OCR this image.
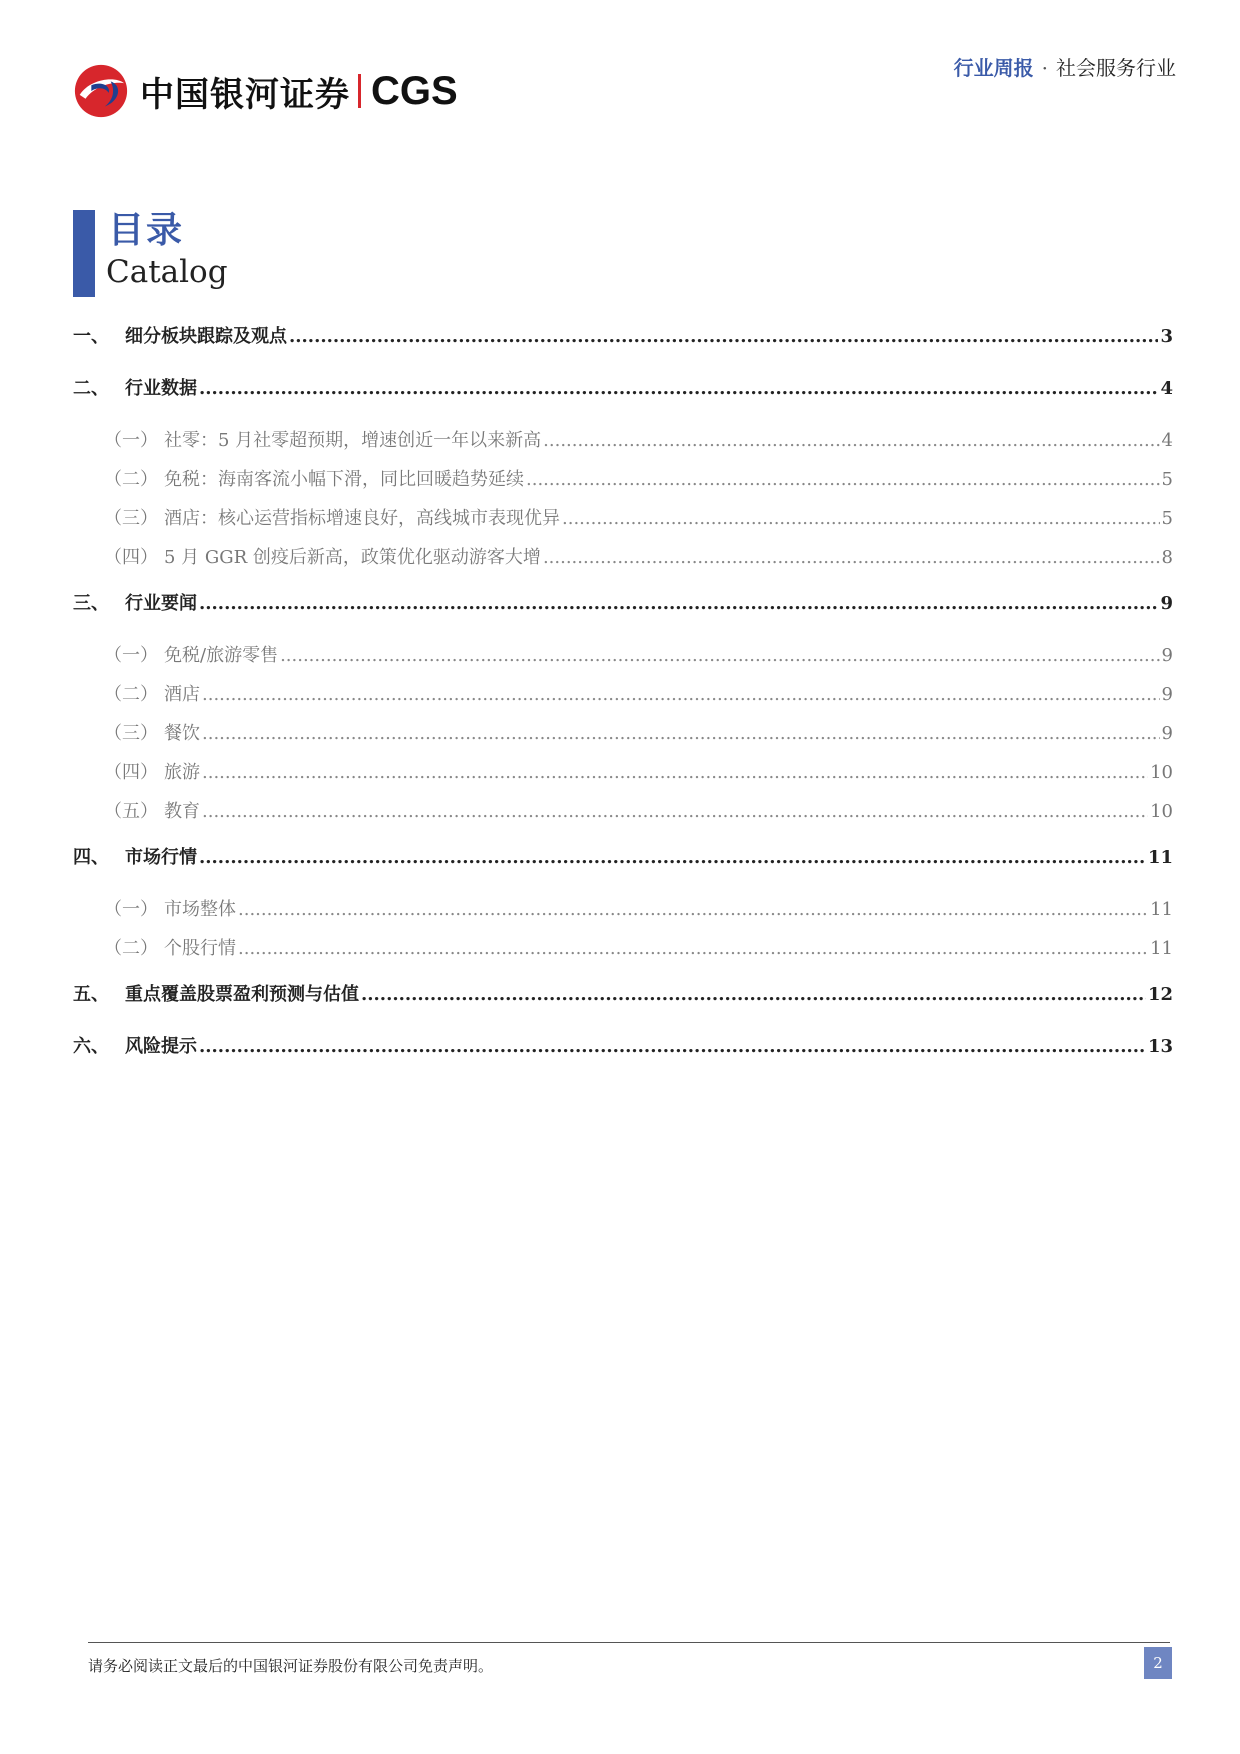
中国银河证券 CGS
行业周报 · 社会服务行业
目录
Catalog
一、 细分板块跟踪及观点 .....	3
二、 行业数据 .....	4
（一） 社零：5 月社零超预期，增速创近一年以来新高 .....	4
（二） 免税：海南客流小幅下滑，同比回暖趋势延续 .....	5
（三） 酒店：核心运营指标增速良好，高线城市表现优异 .....	5
（四） 5 月 GGR 创疫后新高，政策优化驱动游客大增 .....	8
三、 行业要闻 .....	9
（一） 免税/旅游零售 .....	9
（二） 酒店 .....	9
（三） 餐饮 .....	9
（四） 旅游 .....	10
（五） 教育 .....	10
四、 市场行情 .....	11
（一） 市场整体 .....	11
（二） 个股行情 .....	11
五、 重点覆盖股票盈利预测与估值 .....	12
六、 风险提示 .....	13
请务必阅读正文最后的中国银河证券股份有限公司免责声明。	2
